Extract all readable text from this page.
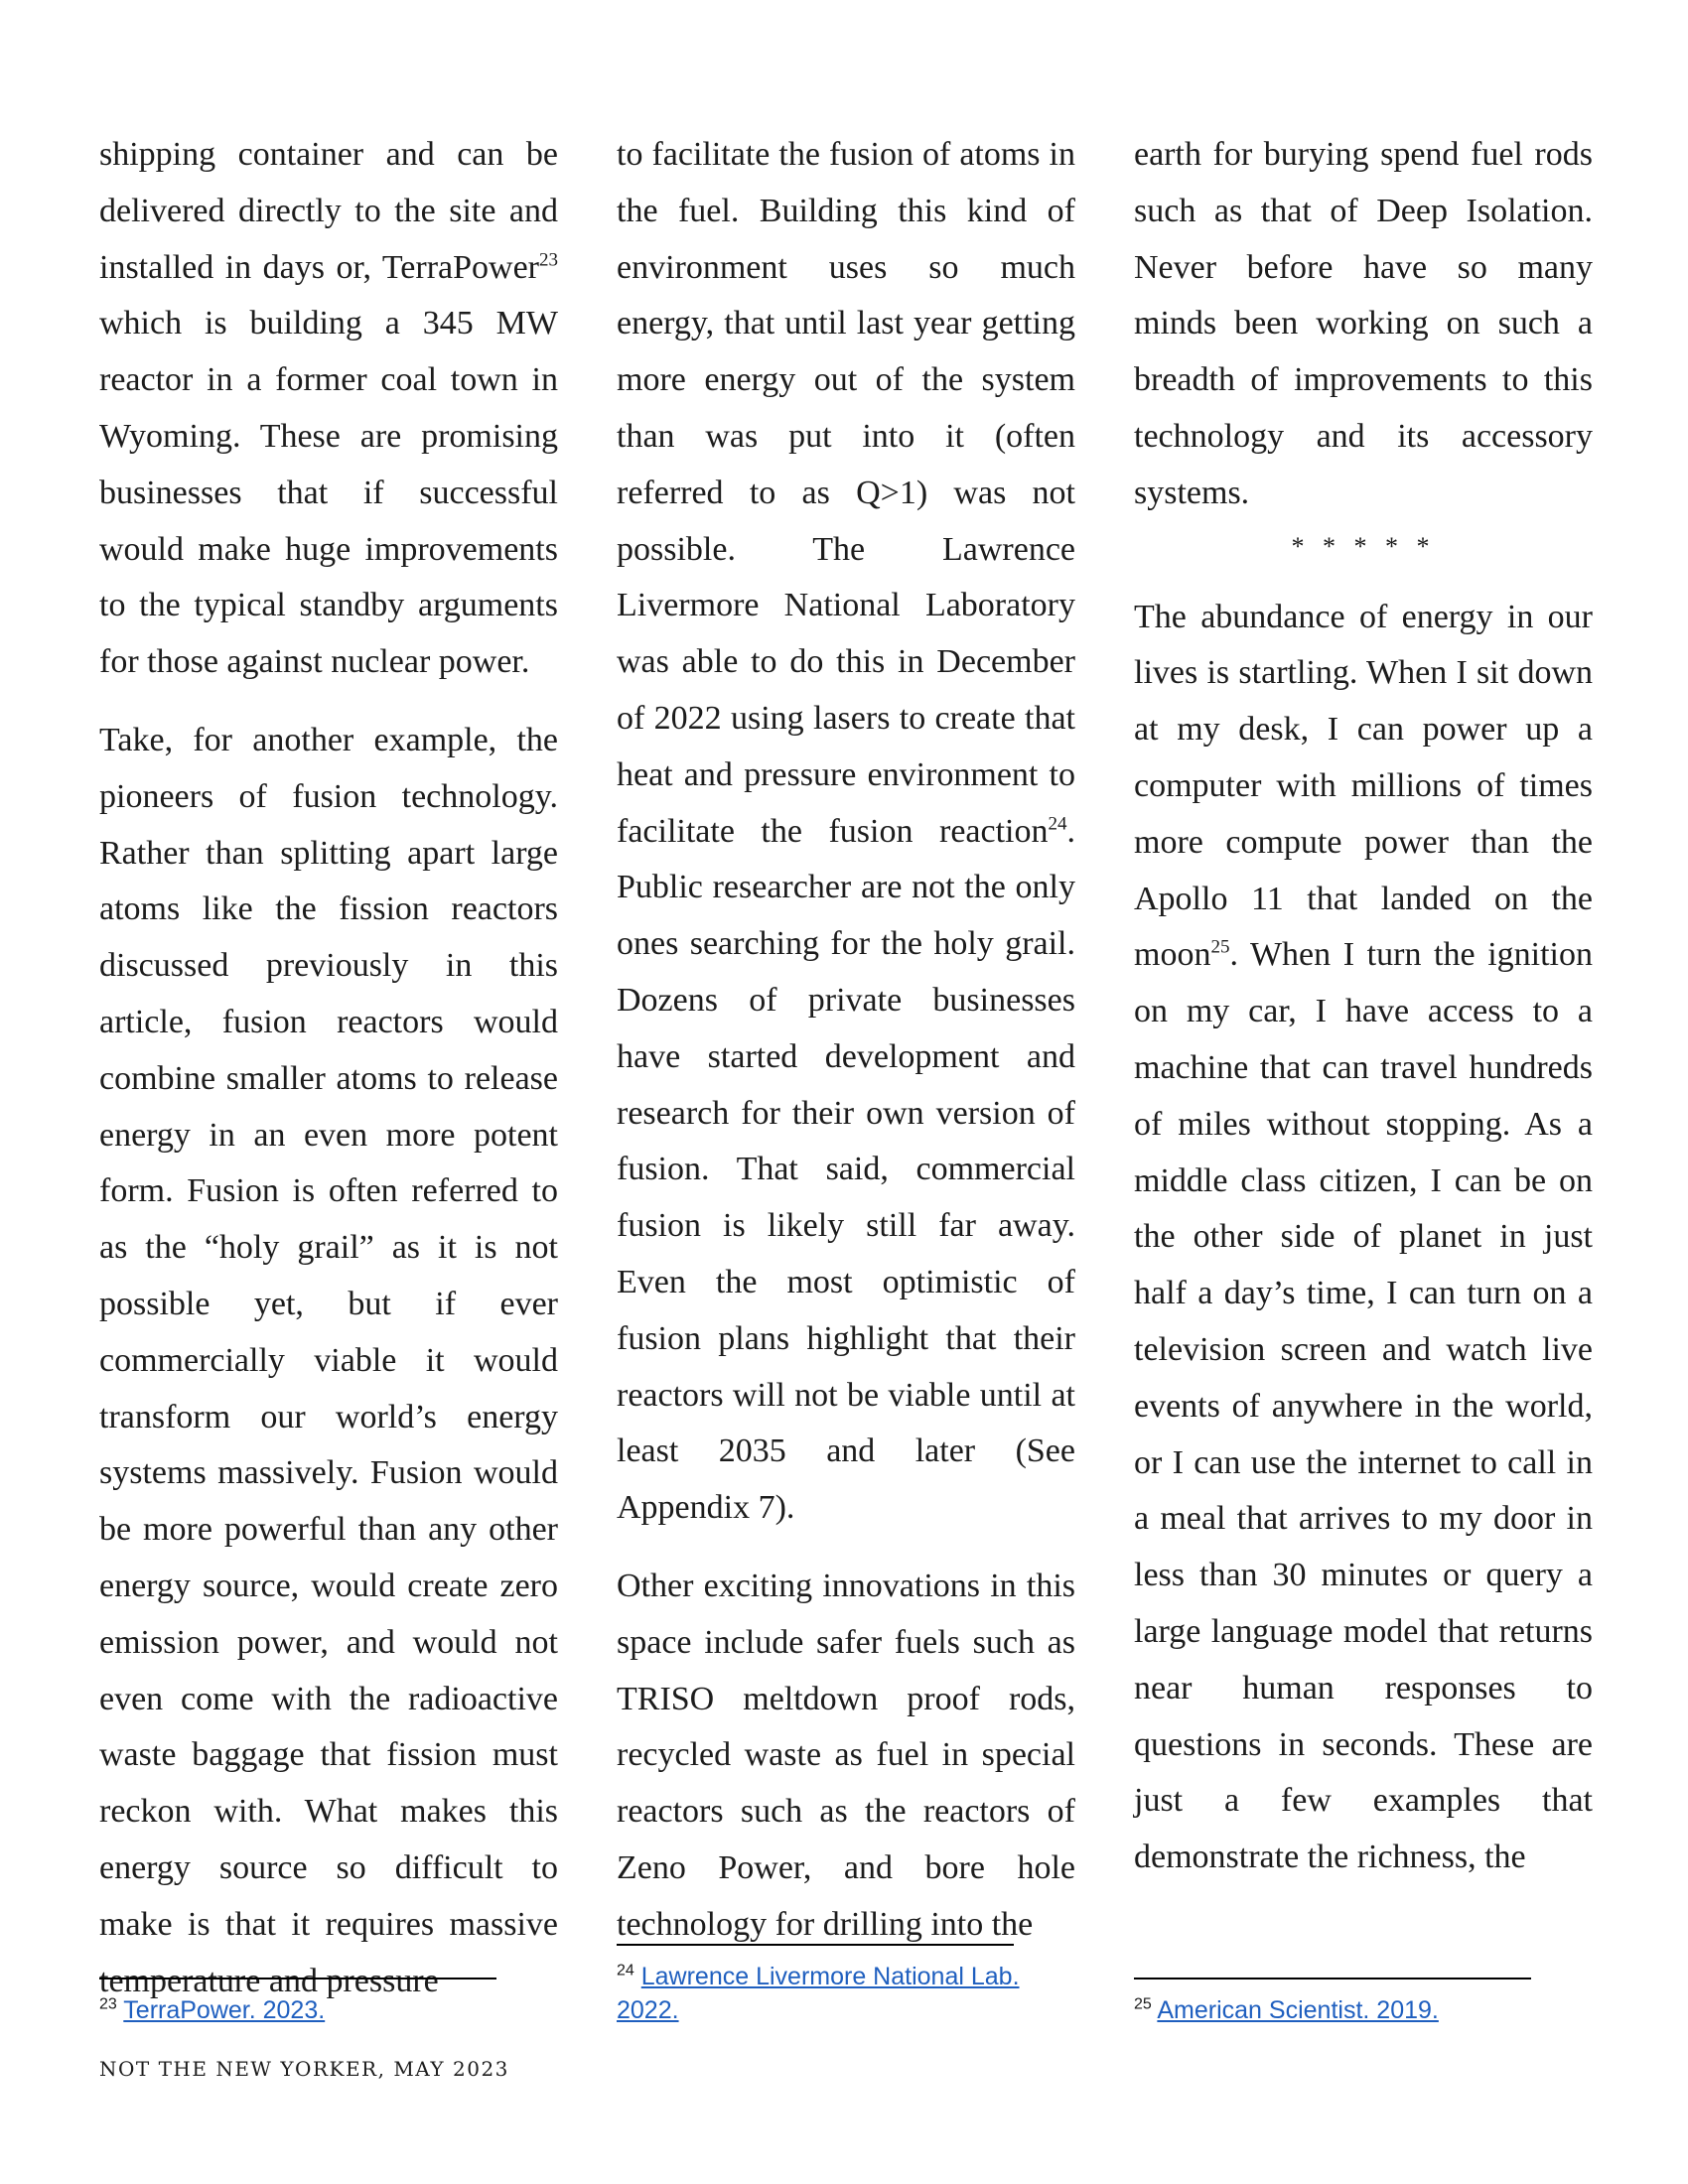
shipping container and can be delivered directly to the site and installed in days or, TerraPower$^{23}$ which is building a 345 MW reactor in a former coal town in Wyoming. These are promising businesses that if successful would make huge improvements to the typical standby arguments for those against nuclear power.

Take, for another example, the pioneers of fusion technology. Rather than splitting apart large atoms like the fission reactors discussed previously in this article, fusion reactors would combine smaller atoms to release energy in an even more potent form. Fusion is often referred to as the “holy grail” as it is not possible yet, but if ever commercially viable it would transform our world’s energy systems massively. Fusion would be more powerful than any other energy source, would create zero emission power, and would not even come with the radioactive waste baggage that fission must reckon with. What makes this energy source so difficult to make is that it requires massive temperature and pressure

to facilitate the fusion of atoms in the fuel. Building this kind of environment uses so much energy, that until last year getting more energy out of the system than was put into it (often referred to as Q>1) was not possible. The Lawrence Livermore National Laboratory was able to do this in December of 2022 using lasers to create that heat and pressure environment to facilitate the fusion reaction$^{24}$. Public researcher are not the only ones searching for the holy grail. Dozens of private businesses have started development and research for their own version of fusion. That said, commercial fusion is likely still far away. Even the most optimistic of fusion plans highlight that their reactors will not be viable until at least 2035 and later (See Appendix 7).

Other exciting innovations in this space include safer fuels such as TRISO meltdown proof rods, recycled waste as fuel in special reactors such as the reactors of Zeno Power, and bore hole technology for drilling into the

earth for burying spend fuel rods such as that of Deep Isolation. Never before have so many minds been working on such a breadth of improvements to this technology and its accessory systems.

* * * * *

The abundance of energy in our lives is startling. When I sit down at my desk, I can power up a computer with millions of times more compute power than the Apollo 11 that landed on the moon$^{25}$. When I turn the ignition on my car, I have access to a machine that can travel hundreds of miles without stopping. As a middle class citizen, I can be on the other side of planet in just half a day’s time, I can turn on a television screen and watch live events of anywhere in the world, or I can use the internet to call in a meal that arrives to my door in less than 30 minutes or query a large language model that returns near human responses to questions in seconds. These are just a few examples that demonstrate the richness, the

$^{23}$ TerraPower. 2023.
$^{24}$ Lawrence Livermore National Lab. 2022.	$^{25}$ American Scientist. 2019.
NOT THE NEW YORKER, MAY 2023
